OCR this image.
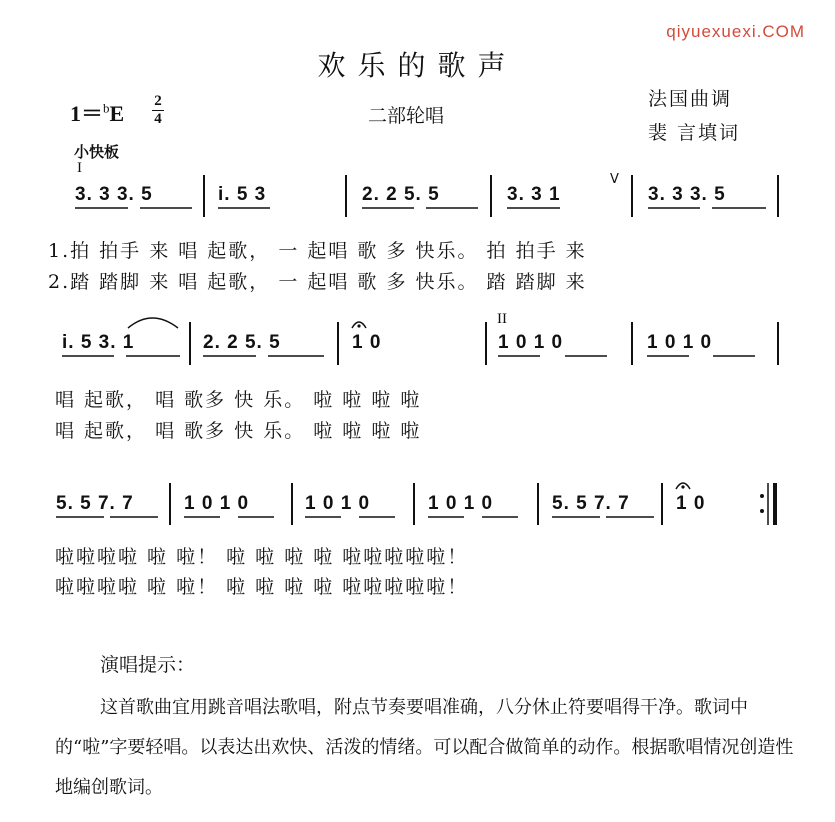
qiyuexuexi.COM
欢乐的歌声
1＝$^b$E 2
4	二部轮唱
法国曲调
裴 言填词
小快板
I
II
V
3. 3 3. 5	i. 5 3	2. 2 5. 5	3. 3 1	3. 3 3. 5
1.拍 拍手 来 唱 起歌， 一 起唱 歌 多 快乐。 拍 拍手 来
2.踏 踏脚 来 唱 起歌， 一 起唱 歌 多 快乐。 踏 踏脚 来
i. 5 3. 1	2. 2 5. 5	1 0	1 0 1 0	1 0 1 0
唱 起歌， 唱 歌多 快 乐。 啦 啦 啦 啦
唱 起歌， 唱 歌多 快 乐。 啦 啦 啦 啦
5. 5 7. 7	1 0 1 0	1 0 1 0	1 0 1 0	5. 5 7. 7 1 0
啦啦啦啦 啦 啦！ 啦 啦 啦 啦 啦啦啦啦啦！
啦啦啦啦 啦 啦！ 啦 啦 啦 啦 啦啦啦啦啦！
演唱提示：
这首歌曲宜用跳音唱法歌唱，附点节奏要唱准确，八分休止符要唱得干净。歌词中的“啦”字要轻唱。以表达出欢快、活泼的情绪。可以配合做简单的动作。根据歌唱情况创造性地编创歌词。
